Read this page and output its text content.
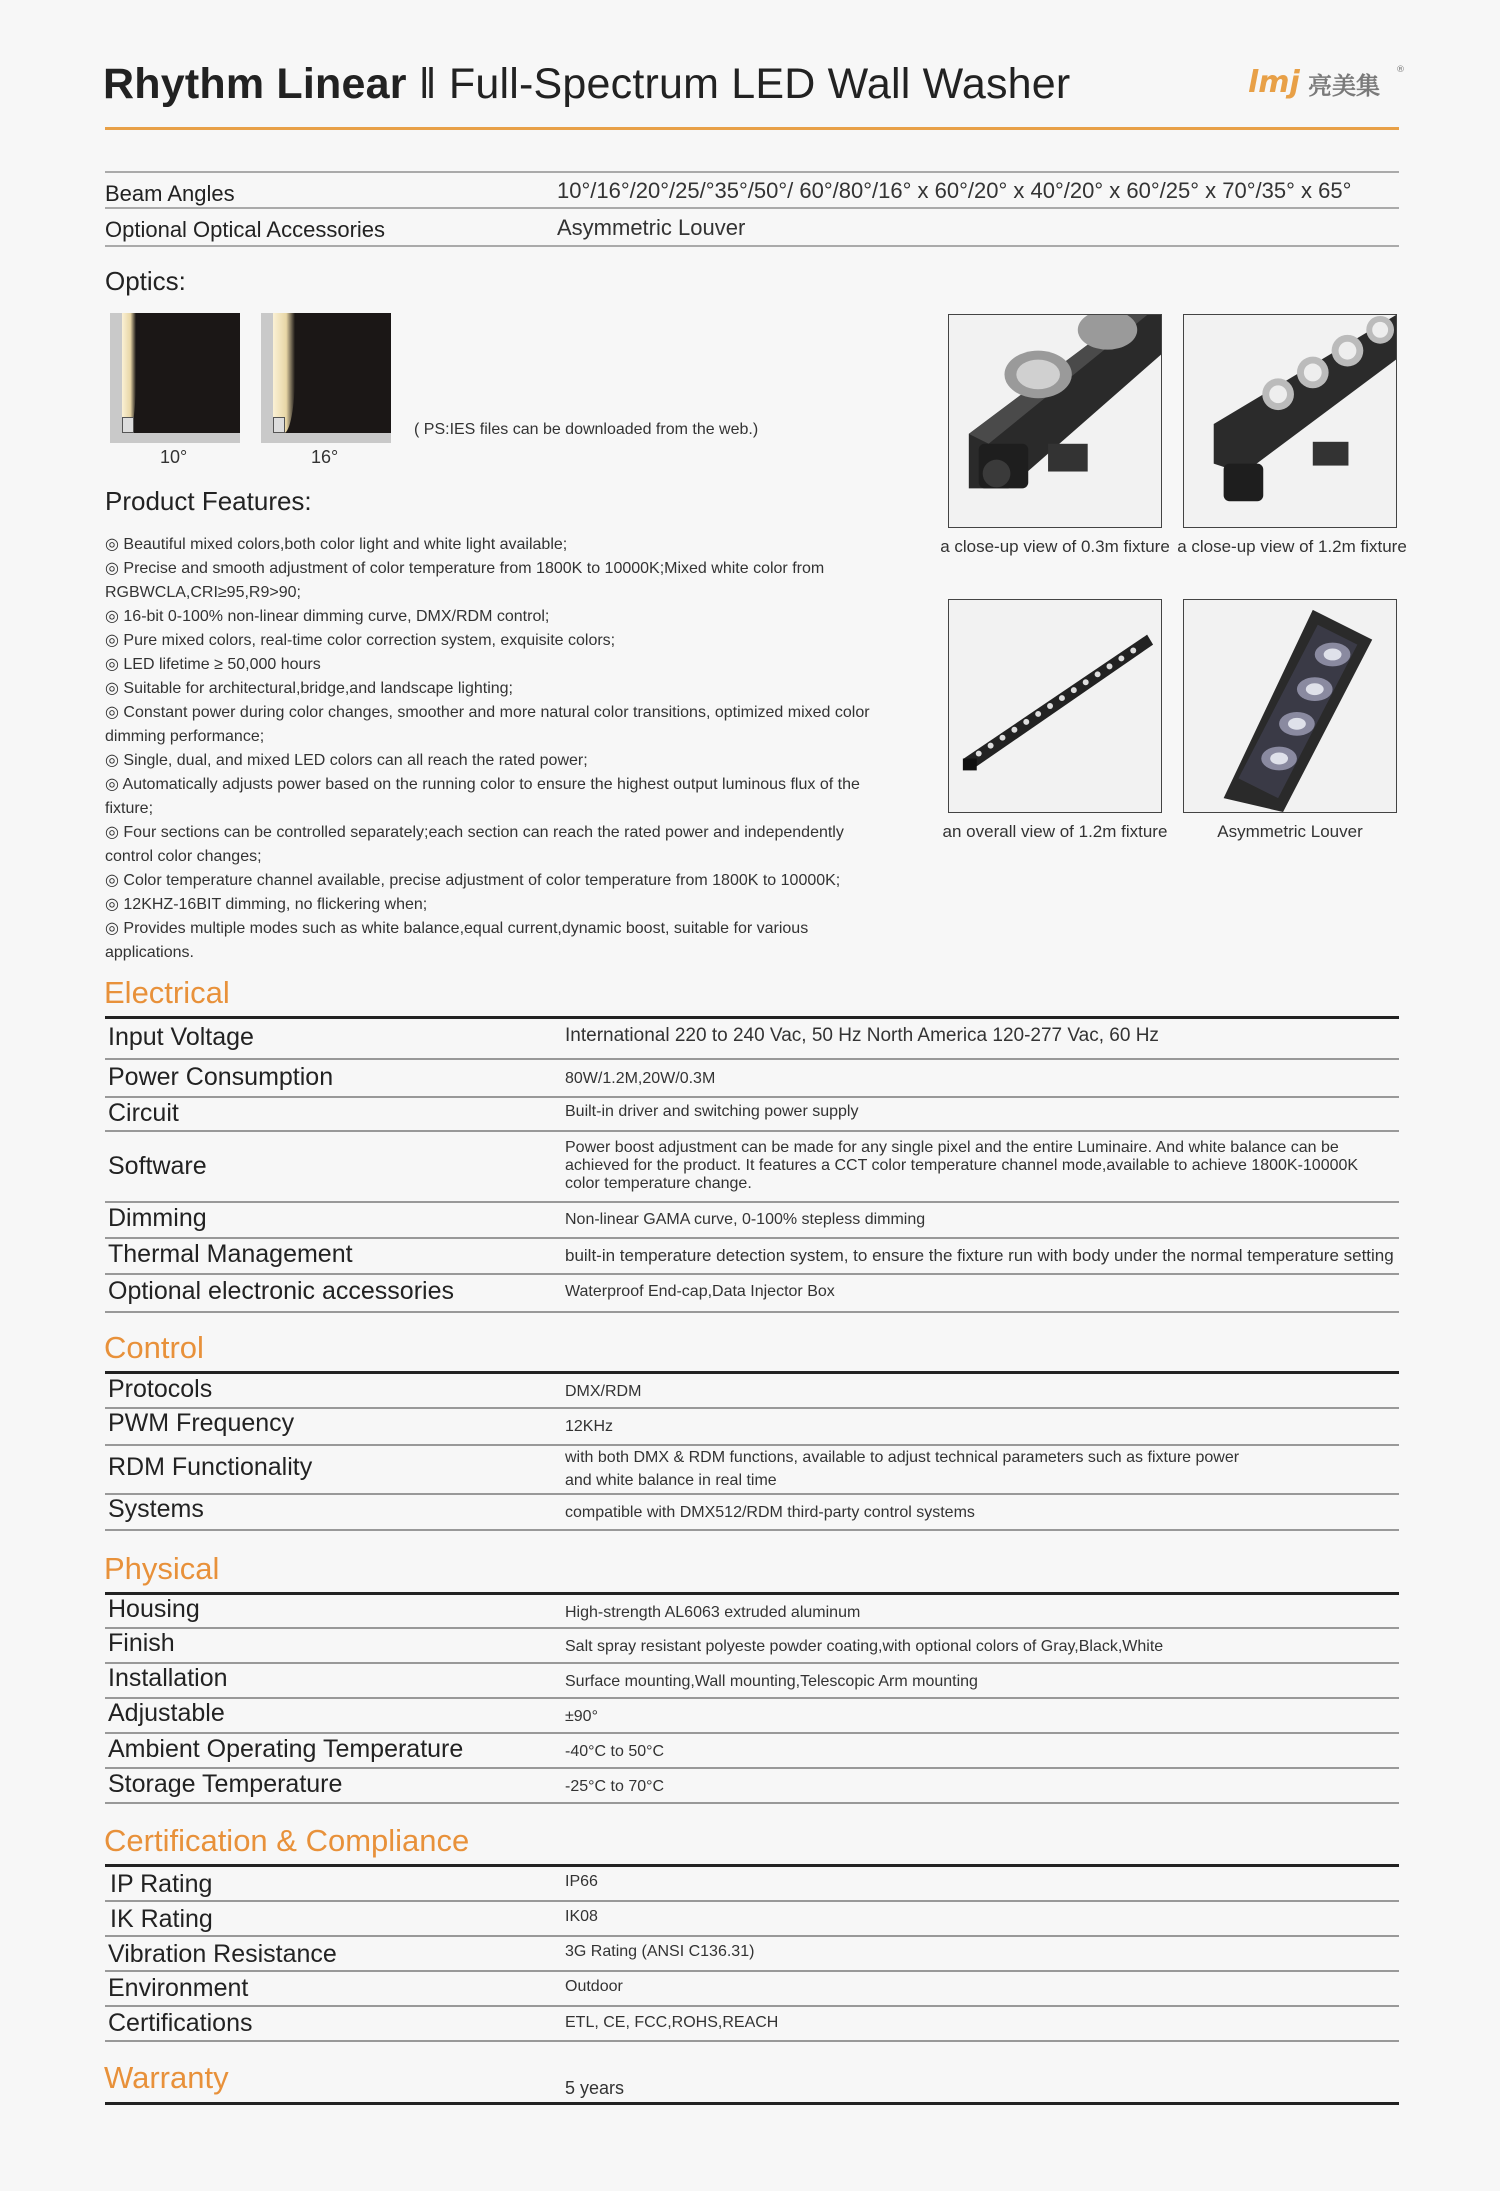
Rhythm Linear ‖ Full-Spectrum LED Wall Washer	lmj 亮美集
®
Beam Angles	10°/16°/20°/25/°35°/50°/ 60°/80°/16° x 60°/20° x 40°/20° x 60°/25° x 70°/35° x 65°
Optional Optical Accessories	Asymmetric Louver
Optics:
10°	16°
( PS:IES files can be downloaded from the web.)
Product Features:
◎ Beautiful mixed colors,both color light and white light available;
◎ Precise and smooth adjustment of color temperature from 1800K to 10000K;Mixed white color from
RGBWCLA,CRI≥95,R9>90;
◎ 16-bit 0-100% non-linear dimming curve, DMX/RDM control;
◎ Pure mixed colors, real-time color correction system, exquisite colors;
◎ LED lifetime ≥ 50,000 hours
◎ Suitable for architectural,bridge,and landscape lighting;
◎ Constant power during color changes, smoother and more natural color transitions, optimized mixed color
dimming performance;
◎ Single, dual, and mixed LED colors can all reach the rated power;
◎ Automatically adjusts power based on the running color to ensure the highest output luminous flux of the
fixture;
◎ Four sections can be controlled separately;each section can reach the rated power and independently
control color changes;
◎ Color temperature channel available, precise adjustment of color temperature from 1800K to 10000K;
◎ 12KHZ-16BIT dimming, no flickering when;
◎ Provides multiple modes such as white balance,equal current,dynamic boost, suitable for various
applications.
a close-up view of 0.3m fixture a close-up view of 1.2m fixture
an overall view of 1.2m fixture	Asymmetric Louver
Electrical
Input Voltage	International 220 to 240 Vac, 50 Hz North America 120-277 Vac, 60 Hz
Power Consumption	80W/1.2M,20W/0.3M
Circuit	Built-in driver and switching power supply
Software
Power boost adjustment can be made for any single pixel and the entire Luminaire. And white balance can be
achieved for the product. It features a CCT color temperature channel mode,available to achieve 1800K-10000K
color temperature change.
Dimming	Non-linear GAMA curve, 0-100% stepless dimming
Thermal Management	built-in temperature detection system, to ensure the fixture run with body under the normal temperature setting
Optional electronic accessories	Waterproof End-cap,Data Injector Box
Control
Protocols	DMX/RDM
PWM Frequency	12KHz
RDM Functionality	with both DMX & RDM functions, available to adjust technical parameters such as fixture power
and white balance in real time
Systems	compatible with DMX512/RDM third-party control systems
Physical
Housing	High-strength AL6063 extruded aluminum
Finish	Salt spray resistant polyeste powder coating,with optional colors of Gray,Black,White
Installation	Surface mounting,Wall mounting,Telescopic Arm mounting
Adjustable	±90°
Ambient Operating Temperature	-40°C to 50°C
Storage Temperature	-25°C to 70°C
Certification & Compliance
IP Rating	IP66
IK Rating	IK08
Vibration Resistance	3G Rating (ANSI C136.31)
Environment	Outdoor
Certifications	ETL, CE, FCC,ROHS,REACH
Warranty	5 years
